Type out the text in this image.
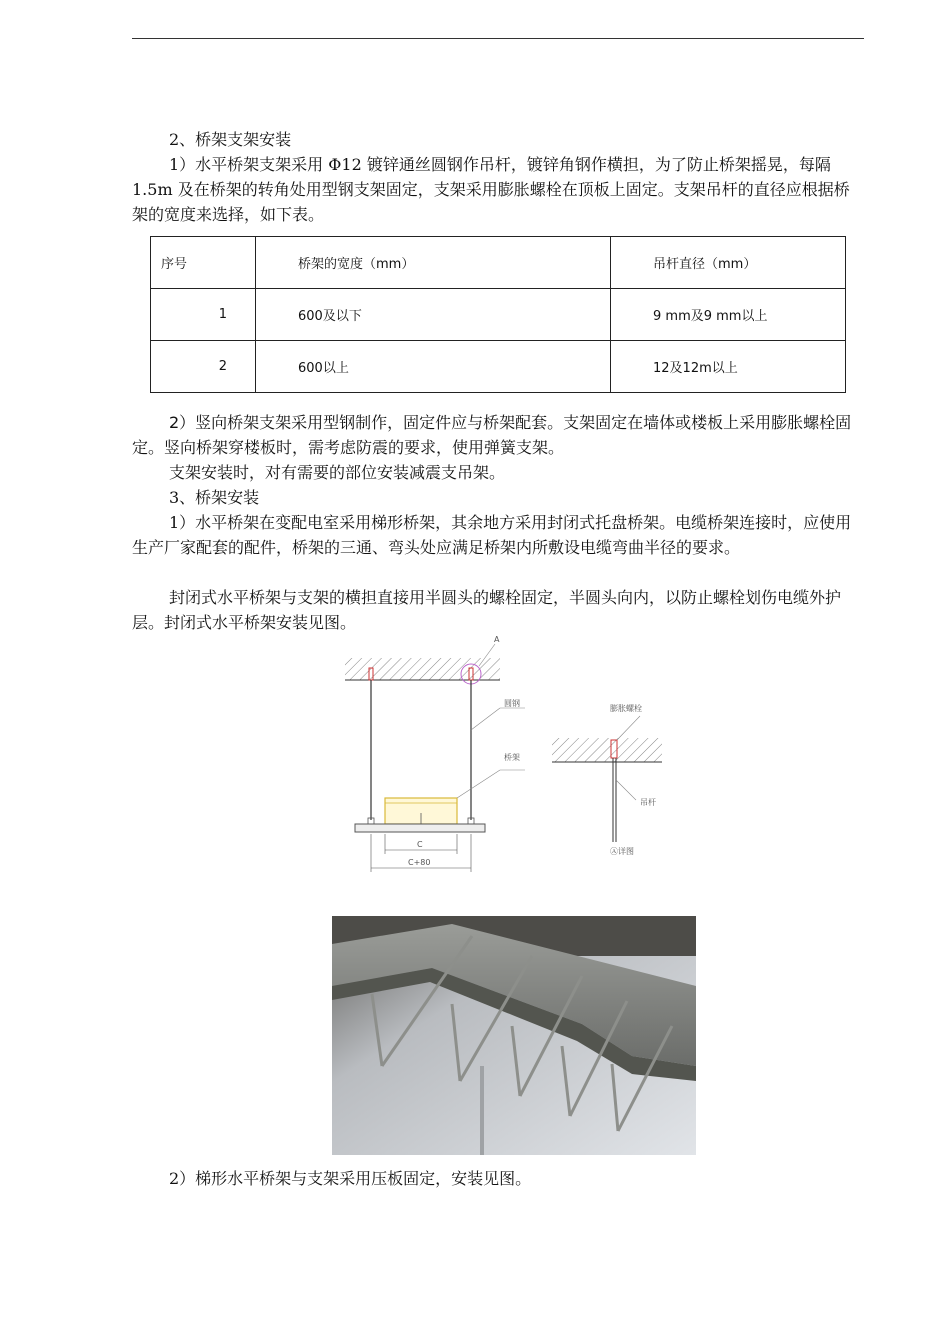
2、桥架支架安装

1）水平桥架支架采用 Φ12 镀锌通丝圆钢作吊杆，镀锌角钢作横担，为了防止桥架摇晃，每隔 1.5m 及在桥架的转角处用型钢支架固定，支架采用膨胀螺栓在顶板上固定。支架吊杆的直径应根据桥架的宽度来选择，如下表。

序号	桥架的宽度（mm）	吊杆直径（mm）
1	600及以下	9 mm及9 mm以上
2	600以上	12及12m以上

2）竖向桥架支架采用型钢制作，固定件应与桥架配套。支架固定在墙体或楼板上采用膨胀螺栓固定。竖向桥架穿楼板时，需考虑防震的要求，使用弹簧支架。

支架安装时，对有需要的部位安装减震支吊架。

3、桥架安装

1）水平桥架在变配电室采用梯形桥架，其余地方采用封闭式托盘桥架。电缆桥架连接时，应使用生产厂家配套的配件，桥架的三通、弯头处应满足桥架内所敷设电缆弯曲半径的要求。

封闭式水平桥架与支架的横担直接用半圆头的螺栓固定，半圆头向内，以防止螺栓划伤电缆外护层。封闭式水平桥架安装见图。

A
圆钢
桥架
C
C+80
膨胀螺栓
吊杆
Ⓐ详图

2）梯形水平桥架与支架采用压板固定，安装见图。
